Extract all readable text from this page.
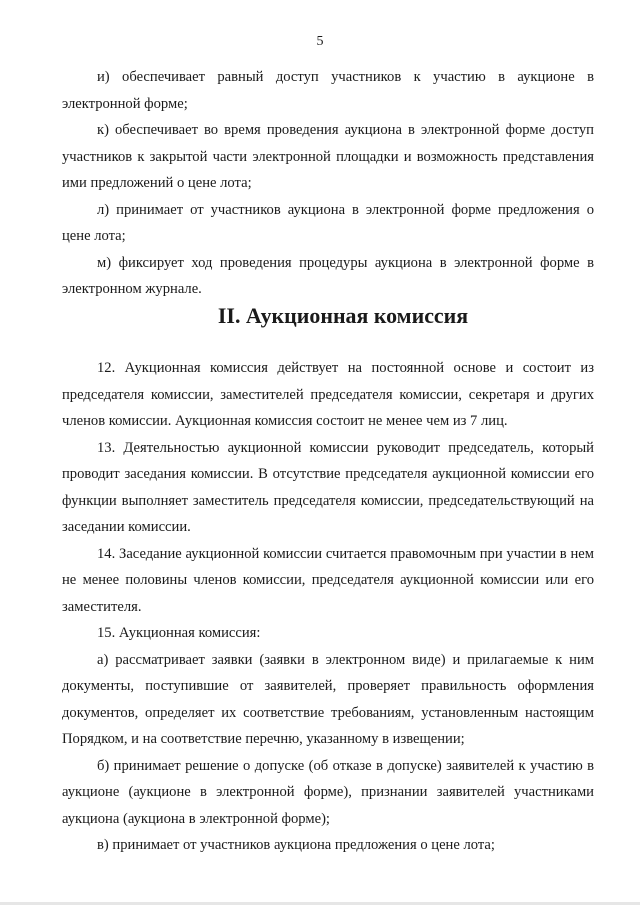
5

и) обеспечивает равный доступ участников к участию в аукционе в электронной форме;

к) обеспечивает во время проведения аукциона в электронной форме доступ участников к закрытой части электронной площадки и возможность представления ими предложений о цене лота;

л) принимает от участников аукциона в электронной форме предложения о цене лота;

м) фиксирует ход проведения процедуры аукциона в электронной форме в электронном журнале.

II. Аукционная комиссия

12. Аукционная комиссия действует на постоянной основе и состоит из председателя комиссии, заместителей председателя комиссии, секретаря и других членов комиссии. Аукционная комиссия состоит не менее чем из 7 лиц.

13. Деятельностью аукционной комиссии руководит председатель, который проводит заседания комиссии. В отсутствие председателя аукционной комиссии его функции выполняет заместитель председателя комиссии, председательствующий на заседании комиссии.

14. Заседание аукционной комиссии считается правомочным при участии в нем не менее половины членов комиссии, председателя аукционной комиссии или его заместителя.

15. Аукционная комиссия:

а) рассматривает заявки (заявки в электронном виде) и прилагаемые к ним документы, поступившие от заявителей, проверяет правильность оформления документов, определяет их соответствие требованиям, установленным настоящим Порядком, и на соответствие перечню, указанному в извещении;

б) принимает решение о допуске (об отказе в допуске) заявителей к участию в аукционе (аукционе в электронной форме), признании заявителей участниками аукциона (аукциона в электронной форме);

в) принимает от участников аукциона предложения о цене лота;
